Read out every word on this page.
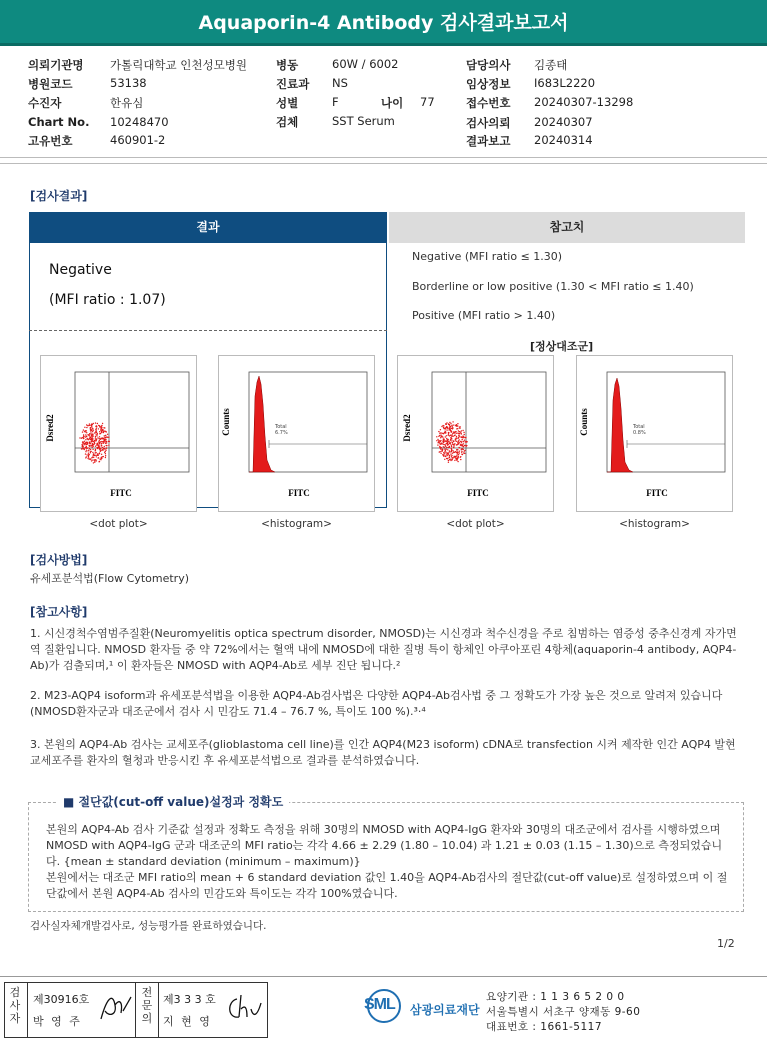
Aquaporin-4 Antibody 검사결과보고서
의뢰기관명 가톨릭대학교 인천성모병원	병동	60W / 6002	담당의사 김종태
병원코드	53138	진료과 NS	임상정보 I683L2220
수진자	한유심	성별	F	나이 77	접수번호 20240307-13298
Chart No. 10248470	검체	SST Serum	검사의뢰 20240307
고유번호	460901-2	결과보고 20240314
[검사결과]
결과	참고치
Negative
(MFI ratio : 1.07)
Negative (MFI ratio ≤ 1.30)
Borderline or low positive (1.30 < MFI ratio ≤ 1.40)
Positive (MFI ratio > 1.40)
[정상대조군]
Dsred2
FITC
Total
6.7%
Counts
FITC
Dsred2
FITC
Total
0.8%
Counts
FITC
<dot plot>	<histogram>	<dot plot>	<histogram>
[검사방법]
유세포분석법(Flow Cytometry)
[참고사항]
1. 시신경척수염범주질환(Neuromyelitis optica spectrum disorder, NMOSD)는 시신경과 척수신경을 주로 침범하는 염증성 중추신경계 자가면역 질환입니다. NMOSD 환자들 중 약 72%에서는 혈액 내에 NMOSD에 대한 질병 특이 항체인 아쿠아포린 4항체(aquaporin-4 antibody, AQP4-Ab)가 검출되며,¹ 이 환자들은 NMOSD with AQP4-Ab로 세부 진단 됩니다.²
2. M23-AQP4 isoform과 유세포분석법을 이용한 AQP4-Ab검사법은 다양한 AQP4-Ab검사법 중 그 정확도가 가장 높은 것으로 알려져 있습니다(NMOSD환자군과 대조군에서 검사 시 민감도 71.4 – 76.7 %, 특이도 100 %).³·⁴
3. 본원의 AQP4-Ab 검사는 교세포주(glioblastoma cell line)를 인간 AQP4(M23 isoform) cDNA로 transfection 시켜 제작한 인간 AQP4 발현 교세포주를 환자의 혈청과 반응시킨 후 유세포분석법으로 결과를 분석하였습니다.
■ 절단값(cut-off value)설정과 정확도
본원의 AQP4-Ab 검사 기준값 설정과 정확도 측정을 위해 30명의 NMOSD with AQP4-IgG 환자와 30명의 대조군에서 검사를 시행하였으며 NMOSD with AQP4-IgG 군과 대조군의 MFI ratio는 각각 4.66 ± 2.29 (1.80 – 10.04) 과 1.21 ± 0.03 (1.15 – 1.30)으로 측정되었습니다. {mean ± standard deviation (minimum – maximum)}
본원에서는 대조군 MFI ratio의 mean + 6 standard deviation 값인 1.40을 AQP4-Ab검사의 절단값(cut-off value)로 설정하였으며 이 절단값에서 본원 AQP4-Ab 검사의 민감도와 특이도는 각각 100%였습니다.
검사실자체개발검사로, 성능평가를 완료하였습니다.
1/2
검사자
제30916호
박 영 주
전문의
제3 3 3 호
지 현 영
SML 삼광의료재단
요양기관 : 1 1 3 6 5 2 0 0
서울특별시 서초구 양재동 9-60
대표번호 : 1661-5117
